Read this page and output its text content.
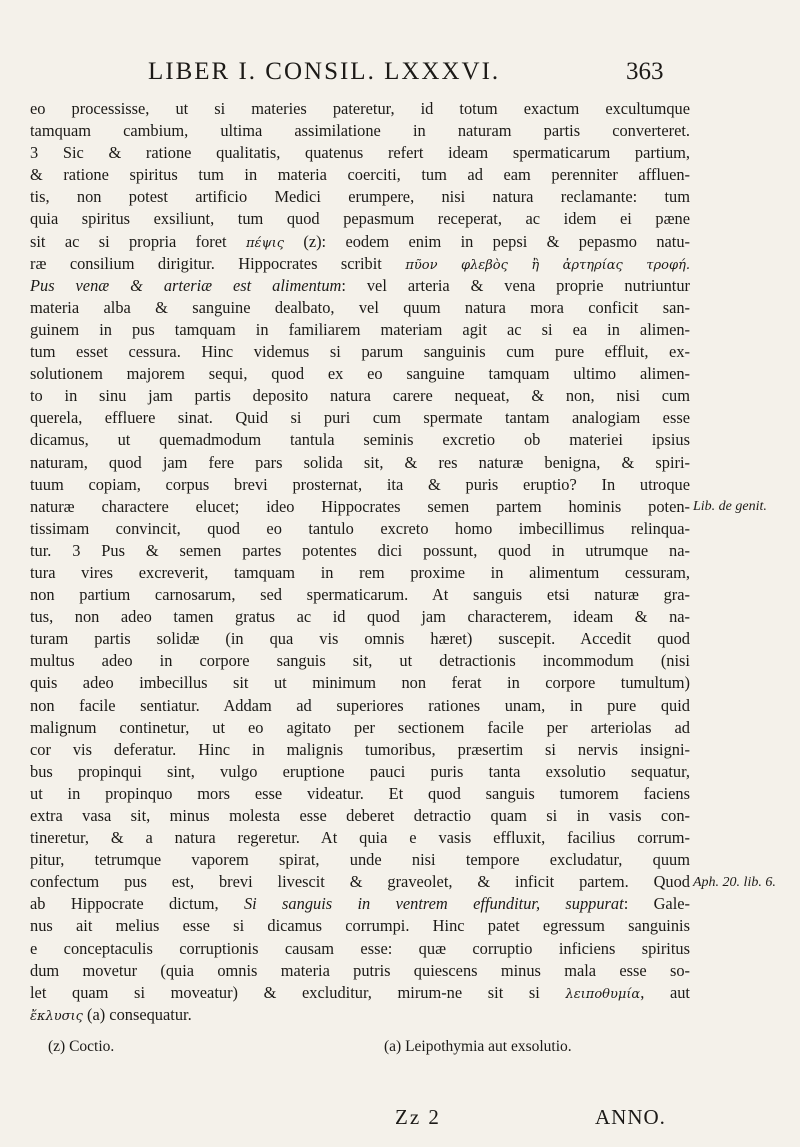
LIBER I. CONSIL. LXXXVI.	363
eo processisse, ut si materies pateretur, id totum exactum excultumque
tamquam cambium, ultima assimilatione in naturam partis converteret.
3 Sic & ratione qualitatis, quatenus refert ideam spermaticarum partium,
& ratione spiritus tum in materia coerciti, tum ad eam perenniter affluen-
tis, non potest artificio Medici erumpere, nisi natura reclamante: tum
quia spiritus exsiliunt, tum quod pepasmum receperat, ac idem ei pæne
sit ac si propria foret πέψις (z): eodem enim in pepsi & pepasmo natu-
ræ consilium dirigitur. Hippocrates scribit πῦον φλεβὸς ἢ ἀρτηρίας τροφή.
Pus venæ & arteriæ est alimentum: vel arteria & vena proprie nutriuntur
materia alba & sanguine dealbato, vel quum natura mora conficit san-
guinem in pus tamquam in familiarem materiam agit ac si ea in alimen-
tum esset cessura. Hinc videmus si parum sanguinis cum pure effluit, ex-
solutionem majorem sequi, quod ex eo sanguine tamquam ultimo alimen-
to in sinu jam partis deposito natura carere nequeat, & non, nisi cum
querela, effluere sinat. Quid si puri cum spermate tantam analogiam esse
dicamus, ut quemadmodum tantula seminis excretio ob materiei ipsius
naturam, quod jam fere pars solida sit, & res naturæ benigna, & spiri-
tuum copiam, corpus brevi prosternat, ita & puris eruptio? In utroque
naturæ charactere elucet; ideo Hippocrates semen partem hominis poten-
tissimam convincit, quod eo tantulo excreto homo imbecillimus relinqua-
tur. 3 Pus & semen partes potentes dici possunt, quod in utrumque na-
tura vires excreverit, tamquam in rem proxime in alimentum cessuram,
non partium carnosarum, sed spermaticarum. At sanguis etsi naturæ gra-
tus, non adeo tamen gratus ac id quod jam characterem, ideam & na-
turam partis solidæ (in qua vis omnis hæret) suscepit. Accedit quod
multus adeo in corpore sanguis sit, ut detractionis incommodum (nisi
quis adeo imbecillus sit ut minimum non ferat in corpore tumultum)
non facile sentiatur. Addam ad superiores rationes unam, in pure quid
malignum continetur, ut eo agitato per sectionem facile per arteriolas ad
cor vis deferatur. Hinc in malignis tumoribus, præsertim si nervis insigni-
bus propinqui sint, vulgo eruptione pauci puris tanta exsolutio sequatur,
ut in propinquo mors esse videatur. Et quod sanguis tumorem faciens
extra vasa sit, minus molesta esse deberet detractio quam si in vasis con-
tineretur, & a natura regeretur. At quia e vasis effluxit, facilius corrum-
pitur, tetrumque vaporem spirat, unde nisi tempore excludatur, quum
confectum pus est, brevi livescit & graveolet, & inficit partem. Quod
ab Hippocrate dictum, Si sanguis in ventrem effunditur, suppurat: Gale-
nus ait melius esse si dicamus corrumpi. Hinc patet egressum sanguinis
e conceptaculis corruptionis causam esse: quæ corruptio inficiens spiritus
dum movetur (quia omnis materia putris quiescens minus mala esse so-
let quam si moveatur) & excluditur, mirum-ne sit si λειποθυμία, aut
ἔκλυσις (a) consequatur.
Lib. de genit.
Aph. 20. lib. 6.
(z) Coctio.	(a) Leipothymia aut exsolutio.
Zz 2	ANNO.
